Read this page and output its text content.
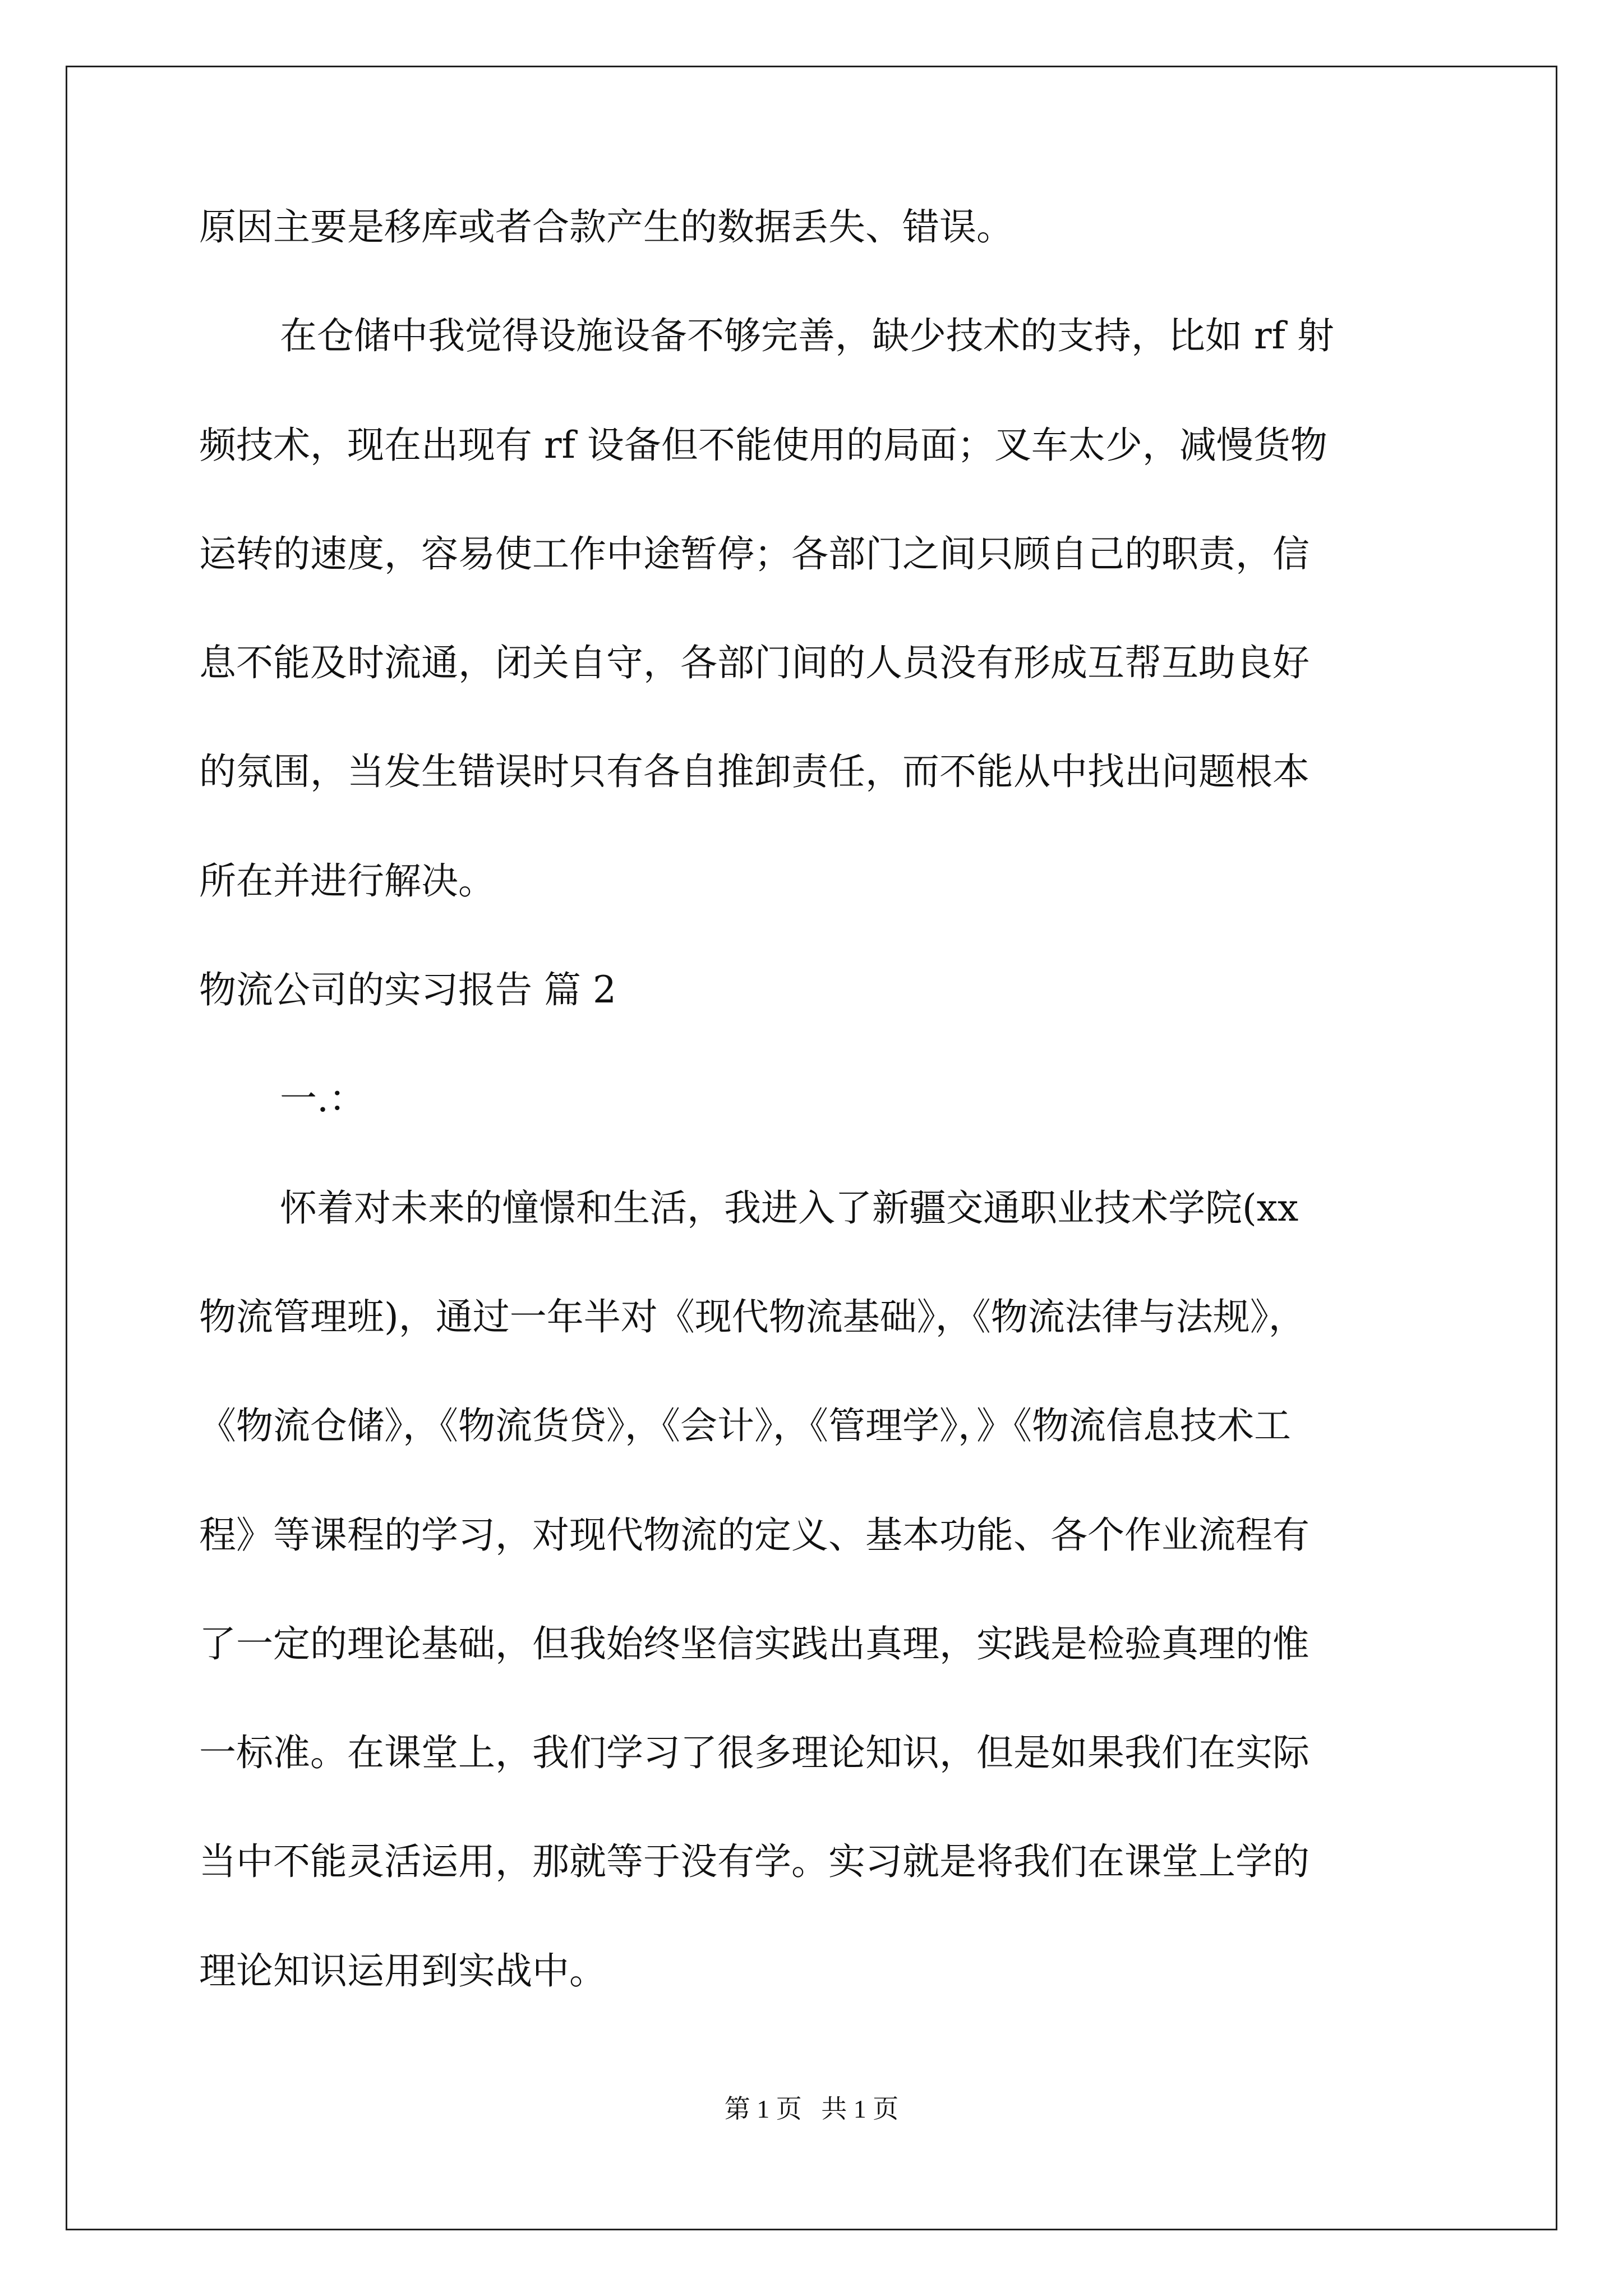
原因主要是移库或者合款产生的数据丢失、错误。
在仓储中我觉得设施设备不够完善，缺少技术的支持，比如 rf 射
频技术，现在出现有 rf 设备但不能使用的局面；叉车太少，减慢货物
运转的速度，容易使工作中途暂停；各部门之间只顾自己的职责，信
息不能及时流通，闭关自守，各部门间的人员没有形成互帮互助良好
的氛围，当发生错误时只有各自推卸责任，而不能从中找出问题根本
所在并进行解决。
物流公司的实习报告 篇 2
一.：
怀着对未来的憧憬和生活，我进入了新疆交通职业技术学院(xx
物流管理班)，通过一年半对《现代物流基础》，《物流法律与法规》，
《物流仓储》，《物流货贷》，《会计》，《管理学》，》《物流信息技术工
程》等课程的学习，对现代物流的定义、基本功能、各个作业流程有
了一定的理论基础，但我始终坚信实践出真理，实践是检验真理的惟
一标准。在课堂上，我们学习了很多理论知识，但是如果我们在实际
当中不能灵活运用，那就等于没有学。实习就是将我们在课堂上学的
理论知识运用到实战中。
第 1 页   共 1 页
